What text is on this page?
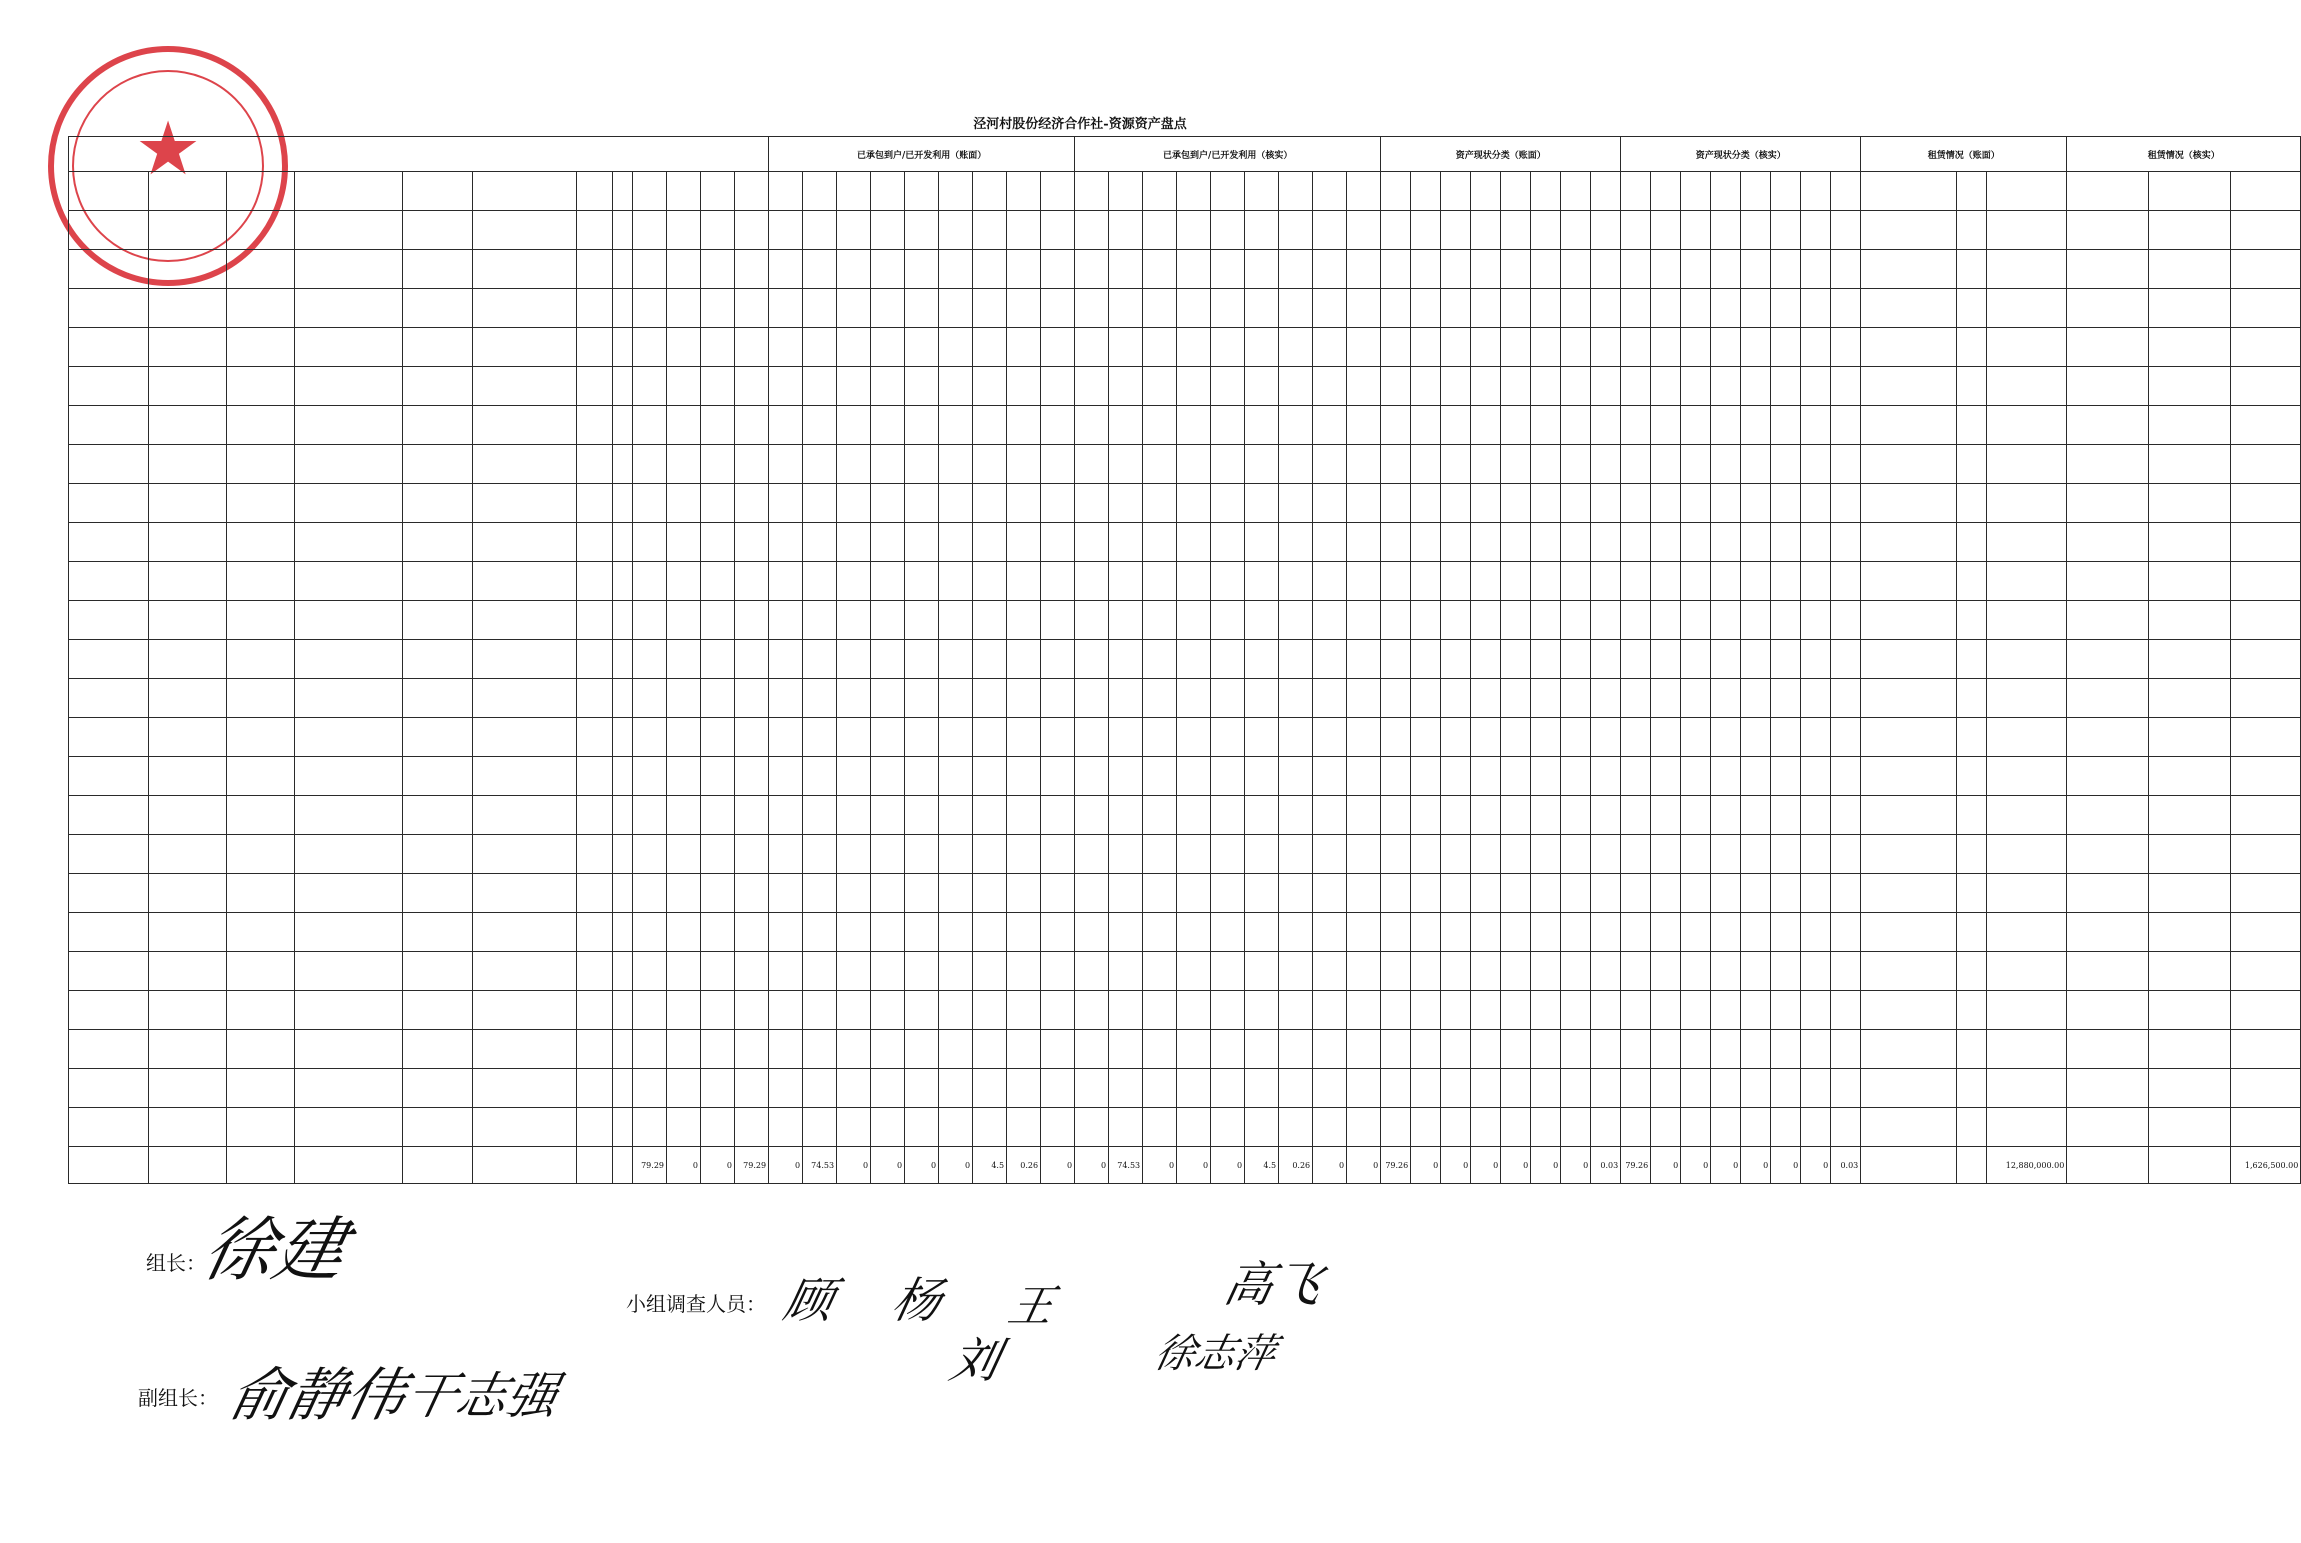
★	泾河村股份经济合作社-资源资产盘点
												已承包到户/已开发利用（账面）									已承包到户/已开发利用（核实）									资产现状分类（账面）								资产现状分类（核实）								租赁情况（账面）			租赁情况（核实）		

								79.29	0	0	79.29	0	74.53	0	0	0	0	4.5	0.26	0	0	74.53	0	0	0	4.5	0.26	0	0	79.26	0	0	0	0	0	0	0.03	79.26	0	0	0	0	0	0	0.03			12,880,000.00			1,626,500.00
组长：
徐建
副组长： 俞静伟
干志强
小组调查人员： 顾 杨 王	高飞
刘	徐志萍
